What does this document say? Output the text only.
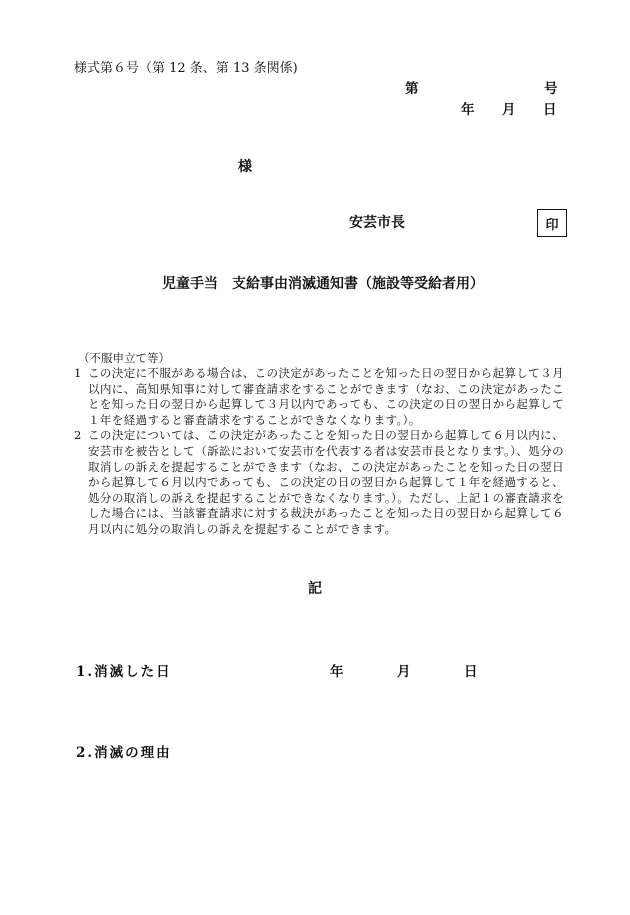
様式第６号（第 12 条、第 13 条関係)
第	号
年 月 日
様
安芸市長	印
児童手当　支給事由消滅通知書（施設等受給者用）
（不服申立て等）

1 この決定に不服がある場合は、この決定があったことを知った日の翌日から起算して３月以内に、高知県知事に対して審査請求をすることができます（なお、この決定があったことを知った日の翌日から起算して３月以内であっても、この決定の日の翌日から起算して１年を経過すると審査請求をすることができなくなります。）。

2 この決定については、この決定があったことを知った日の翌日から起算して６月以内に、安芸市を被告として（訴訟において安芸市を代表する者は安芸市長となります。）、処分の取消しの訴えを提起することができます（なお、この決定があったことを知った日の翌日から起算して６月以内であっても、この決定の日の翌日から起算して１年を経過すると、処分の取消しの訴えを提起することができなくなります。）。ただし、上記１の審査請求をした場合には、当該審査請求に対する裁決があったことを知った日の翌日から起算して６月以内に処分の取消しの訴えを提起することができます。

記
1.消滅した日	年	月	日
2.消滅の理由
